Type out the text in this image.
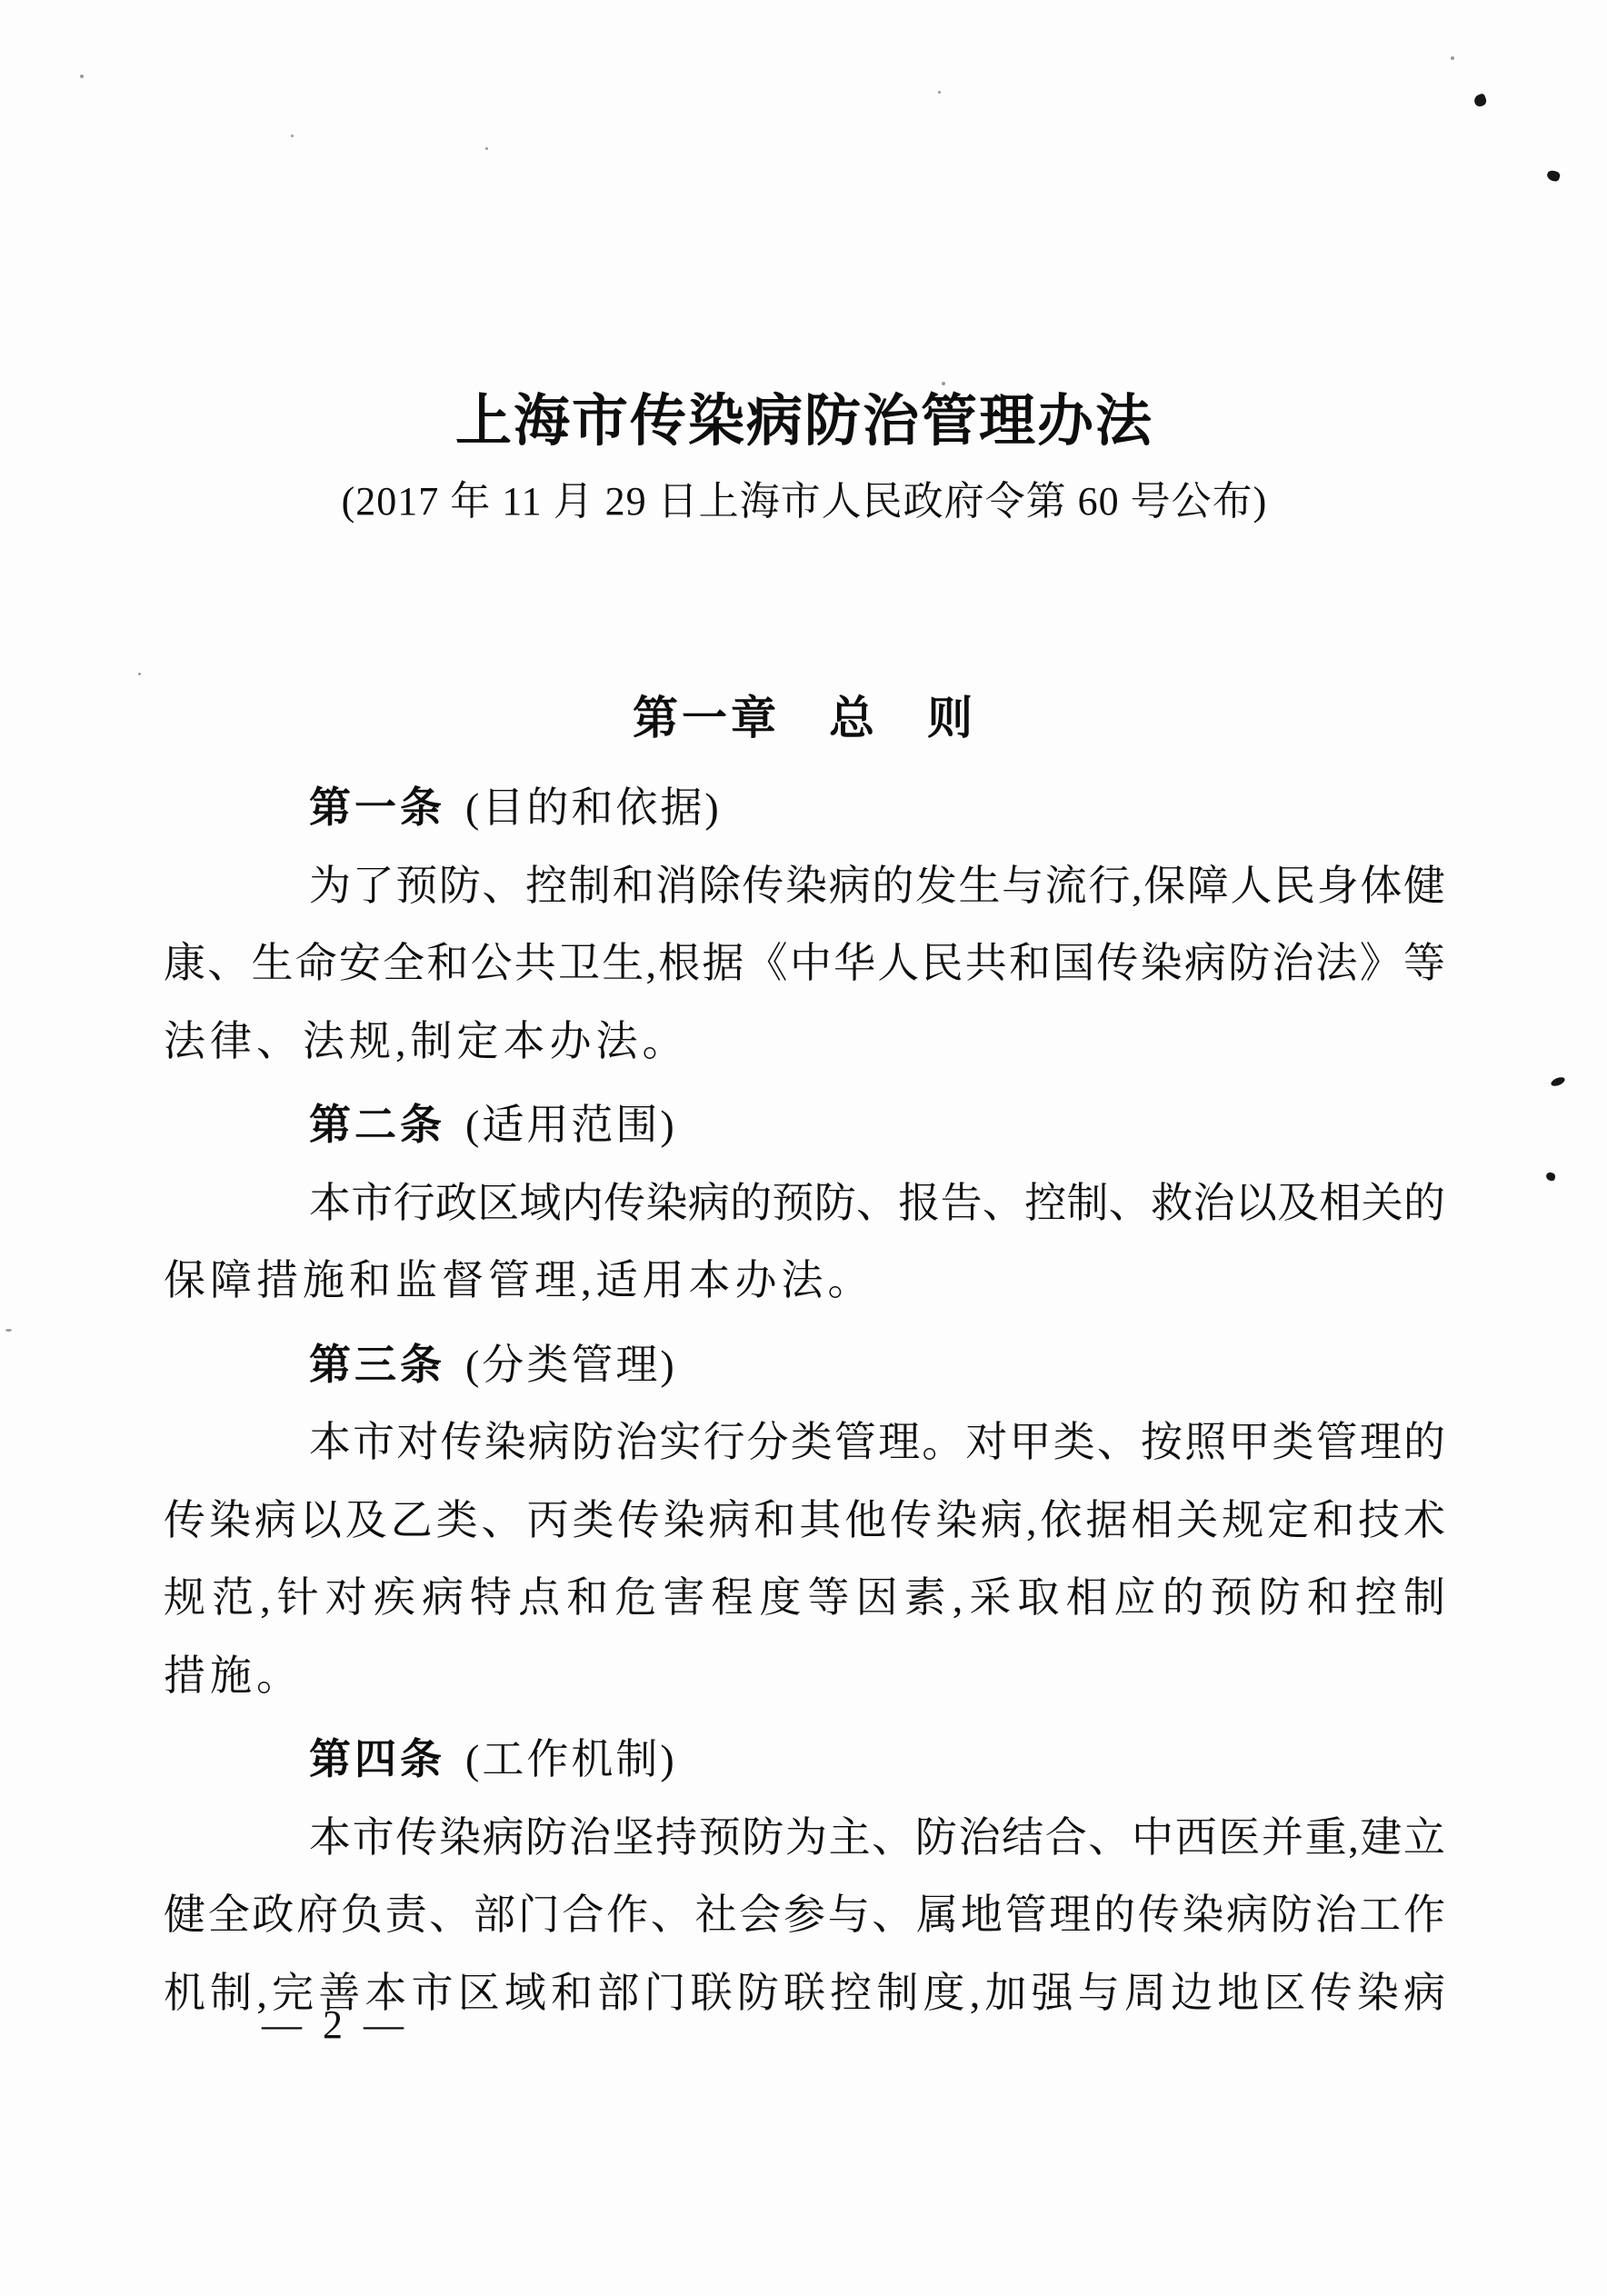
上海市传染病防治管理办法
(2017 年 11 月 29 日上海市人民政府令第 60 号公布)
第一章　总　则
第一条 (目的和依据)
为了预防、控制和消除传染病的发生与流行,保障人民身体健
康、生命安全和公共卫生,根据《中华人民共和国传染病防治法》等
法律、法规,制定本办法。
第二条 (适用范围)
本市行政区域内传染病的预防、报告、控制、救治以及相关的
保障措施和监督管理,适用本办法。
第三条 (分类管理)
本市对传染病防治实行分类管理。对甲类、按照甲类管理的
传染病以及乙类、丙类传染病和其他传染病,依据相关规定和技术
规范,针对疾病特点和危害程度等因素,采取相应的预防和控制
措施。
第四条 (工作机制)
本市传染病防治坚持预防为主、防治结合、中西医并重,建立
健全政府负责、部门合作、社会参与、属地管理的传染病防治工作
机制,完善本市区域和部门联防联控制度,加强与周边地区传染病
— 2 —
